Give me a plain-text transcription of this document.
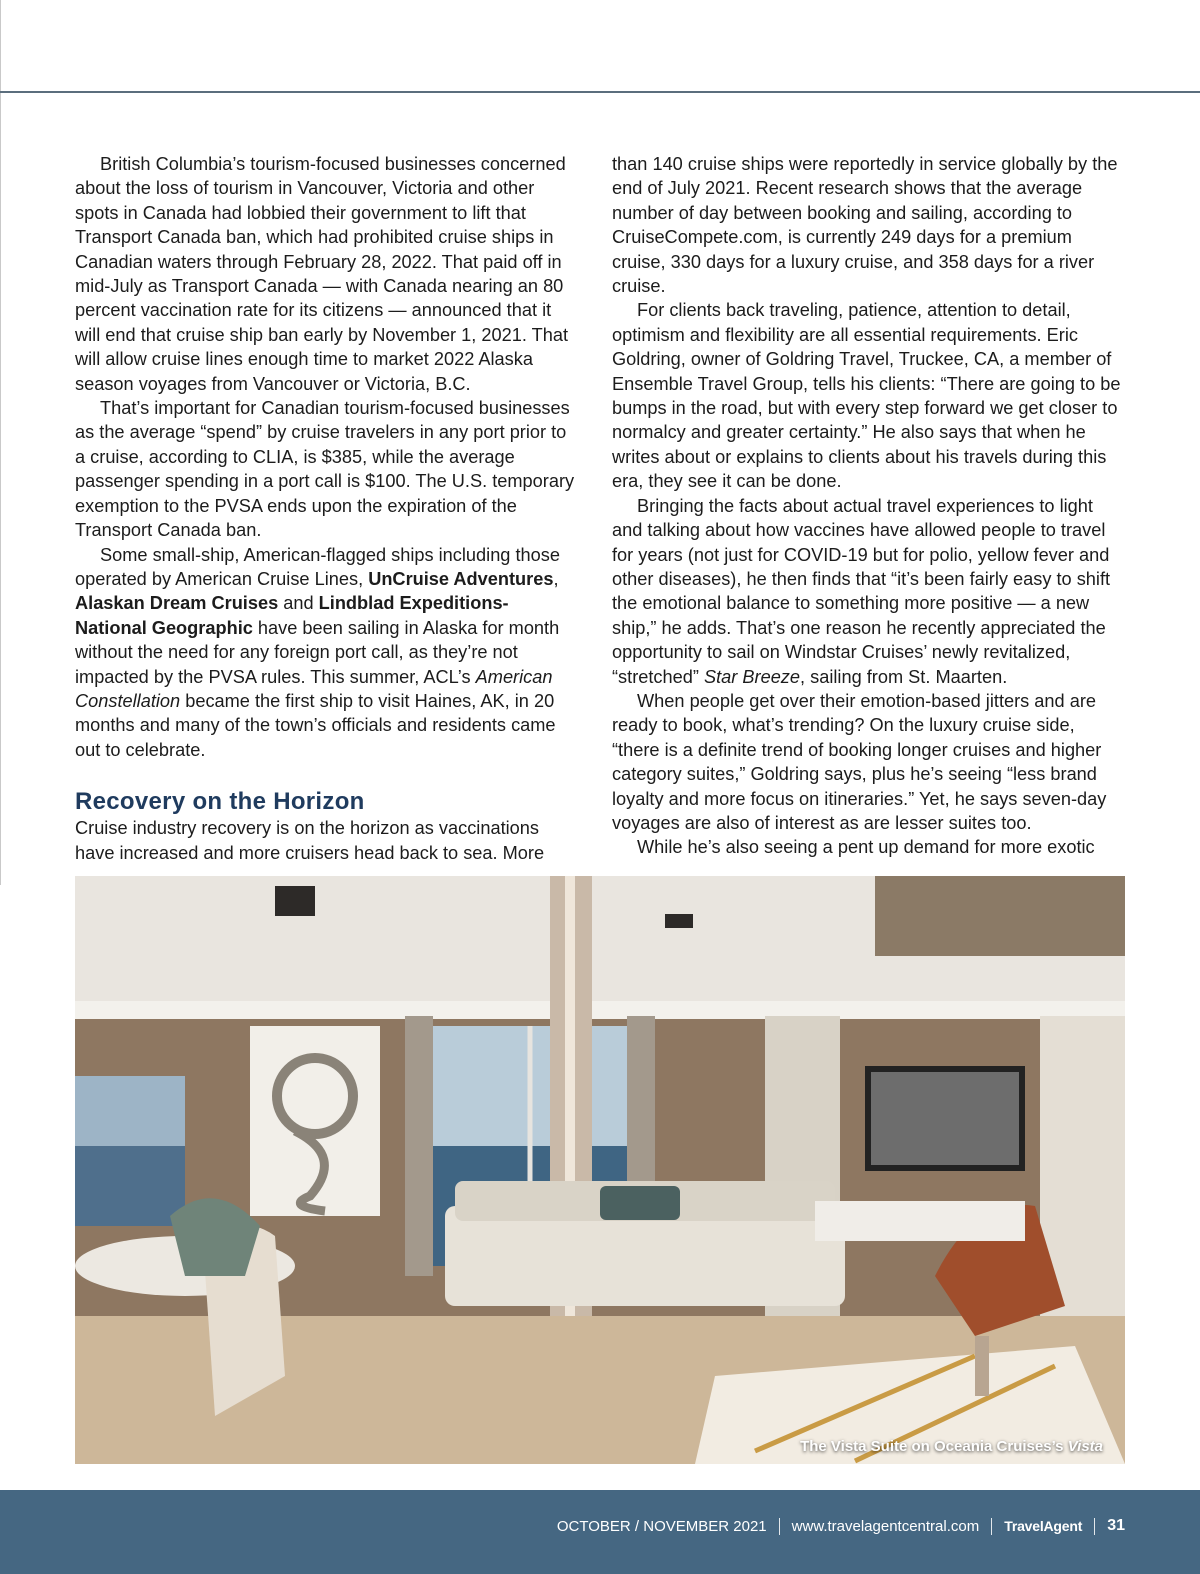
British Columbia’s tourism-focused businesses concerned about the loss of tourism in Vancouver, Victoria and other spots in Canada had lobbied their government to lift that Transport Canada ban, which had prohibited cruise ships in Canadian waters through February 28, 2022. That paid off in mid-July as Transport Canada — with Canada nearing an 80 percent vaccination rate for its citizens — announced that it will end that cruise ship ban early by November 1, 2021. That will allow cruise lines enough time to market 2022 Alaska season voyages from Vancouver or Victoria, B.C.

That’s important for Canadian tourism-focused businesses as the average “spend” by cruise travelers in any port prior to a cruise, according to CLIA, is $385, while the average passenger spending in a port call is $100. The U.S. temporary exemption to the PVSA ends upon the expiration of the Transport Canada ban.

Some small-ship, American-flagged ships including those operated by American Cruise Lines, UnCruise Adventures, Alaskan Dream Cruises and Lindblad Expeditions-National Geographic have been sailing in Alaska for month without the need for any foreign port call, as they’re not impacted by the PVSA rules. This summer, ACL’s American Constellation became the first ship to visit Haines, AK, in 20 months and many of the town’s officials and residents came out to celebrate.

Recovery on the Horizon

Cruise industry recovery is on the horizon as vaccinations have increased and more cruisers head back to sea. More

than 140 cruise ships were reportedly in service globally by the end of July 2021. Recent research shows that the average number of day between booking and sailing, according to CruiseCompete.com, is currently 249 days for a premium cruise, 330 days for a luxury cruise, and 358 days for a river cruise.

For clients back traveling, patience, attention to detail, optimism and flexibility are all essential requirements. Eric Goldring, owner of Goldring Travel, Truckee, CA, a member of Ensemble Travel Group, tells his clients: “There are going to be bumps in the road, but with every step forward we get closer to normalcy and greater certainty.” He also says that when he writes about or explains to clients about his travels during this era, they see it can be done.

Bringing the facts about actual travel experiences to light and talking about how vaccines have allowed people to travel for years (not just for COVID-19 but for polio, yellow fever and other diseases), he then finds that “it’s been fairly easy to shift the emotional balance to something more positive — a new ship,” he adds. That’s one reason he recently appreciated the opportunity to sail on Windstar Cruises’ newly revitalized, “stretched” Star Breeze, sailing from St. Maarten.

When people get over their emotion-based jitters and are ready to book, what’s trending? On the luxury cruise side, “there is a definite trend of booking longer cruises and higher category suites,” Goldring says, plus he’s seeing “less brand loyalty and more focus on itineraries.” Yet, he says seven-day voyages are also of interest as are lesser suites too.

While he’s also seeing a pent up demand for more exotic

The Vista Suite on Oceania Cruises’s Vista
OCTOBER / NOVEMBER 2021 www.travelagentcentral.com TravelAgent 31
